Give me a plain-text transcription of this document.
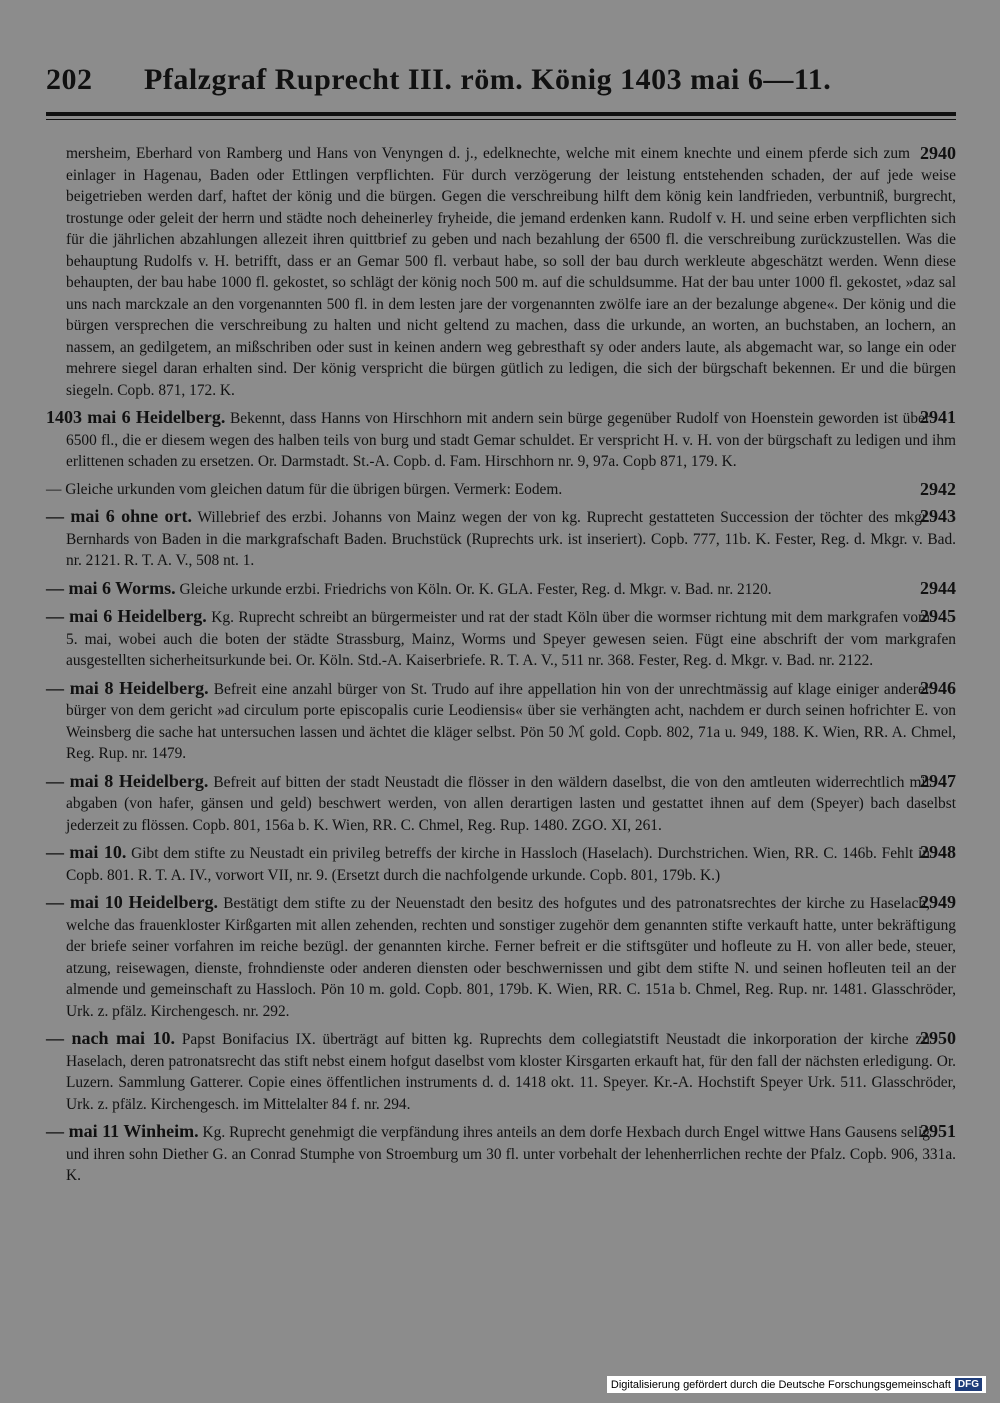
202 Pfalzgraf Ruprecht III. röm. König 1403 mai 6—11.

2940
mersheim, Eberhard von Ramberg und Hans von Venyngen d. j., edelknechte, welche mit einem knechte und einem pferde sich zum einlager in Hagenau, Baden oder Ettlingen verpflichten. Für durch verzögerung der leistung entstehenden schaden, der auf jede weise beigetrieben werden darf, haftet der könig und die bürgen. Gegen die verschreibung hilft dem könig kein landfrieden, verbuntniß, burgrecht, trostunge oder geleit der herrn und städte noch deheinerley fryheide, die jemand erdenken kann. Rudolf v. H. und seine erben verpflichten sich für die jährlichen abzahlungen allezeit ihren quittbrief zu geben und nach bezahlung der 6500 fl. die verschreibung zurückzustellen. Was die behauptung Rudolfs v. H. betrifft, dass er an Gemar 500 fl. verbaut habe, so soll der bau durch werkleute abgeschätzt werden. Wenn diese behaupten, der bau habe 1000 fl. gekostet, so schlägt der könig noch 500 m. auf die schuldsumme. Hat der bau unter 1000 fl. gekostet, »daz sal uns nach marckzale an den vorgenannten 500 fl. in dem lesten jare der vorgenannten zwölfe iare an der bezalunge abgene«. Der könig und die bürgen versprechen die verschreibung zu halten und nicht geltend zu machen, dass die urkunde, an worten, an buchstaben, an lochern, an nassem, an gedilgetem, an mißschriben oder sust in keinen andern weg gebresthaft sy oder anders laute, als abgemacht war, so lange ein oder mehrere siegel daran erhalten sind. Der könig verspricht die bürgen gütlich zu ledigen, die sich der bürgschaft bekennen. Er und die bürgen siegeln. Copb. 871, 172. K.

2941
1403 mai 6 Heidelberg. Bekennt, dass Hanns von Hirschhorn mit andern sein bürge gegenüber Rudolf von Hoenstein geworden ist über 6500 fl., die er diesem wegen des halben teils von burg und stadt Gemar schuldet. Er verspricht H. v. H. von der bürgschaft zu ledigen und ihm erlittenen schaden zu ersetzen. Or. Darmstadt. St.-A. Copb. d. Fam. Hirschhorn nr. 9, 97a. Copb 871, 179. K.

2942
— Gleiche urkunden vom gleichen datum für die übrigen bürgen. Vermerk: Eodem.

2943
— mai 6 ohne ort. Willebrief des erzbi. Johanns von Mainz wegen der von kg. Ruprecht gestatteten Succession der töchter des mkgr. Bernhards von Baden in die markgrafschaft Baden. Bruchstück (Ruprechts urk. ist inseriert). Copb. 777, 11b. K. Fester, Reg. d. Mkgr. v. Bad. nr. 2121. R. T. A. V., 508 nt. 1.

2944
— mai 6 Worms. Gleiche urkunde erzbi. Friedrichs von Köln. Or. K. GLA. Fester, Reg. d. Mkgr. v. Bad. nr. 2120.

2945
— mai 6 Heidelberg. Kg. Ruprecht schreibt an bürgermeister und rat der stadt Köln über die wormser richtung mit dem markgrafen vom 5. mai, wobei auch die boten der städte Strassburg, Mainz, Worms und Speyer gewesen seien. Fügt eine abschrift der vom markgrafen ausgestellten sicherheitsurkunde bei. Or. Köln. Std.-A. Kaiserbriefe. R. T. A. V., 511 nr. 368. Fester, Reg. d. Mkgr. v. Bad. nr. 2122.

2946
— mai 8 Heidelberg. Befreit eine anzahl bürger von St. Trudo auf ihre appellation hin von der unrechtmässig auf klage einiger anderer bürger von dem gericht »ad circulum porte episcopalis curie Leodiensis« über sie verhängten acht, nachdem er durch seinen hofrichter E. von Weinsberg die sache hat untersuchen lassen und ächtet die kläger selbst. Pön 50 ℳ gold. Copb. 802, 71a u. 949, 188. K. Wien, RR. A. Chmel, Reg. Rup. nr. 1479.

2947
— mai 8 Heidelberg. Befreit auf bitten der stadt Neustadt die flösser in den wäldern daselbst, die von den amtleuten widerrechtlich mit abgaben (von hafer, gänsen und geld) beschwert werden, von allen derartigen lasten und gestattet ihnen auf dem (Speyer) bach daselbst jederzeit zu flössen. Copb. 801, 156a b. K. Wien, RR. C. Chmel, Reg. Rup. 1480. ZGO. XI, 261.

2948
— mai 10. Gibt dem stifte zu Neustadt ein privileg betreffs der kirche in Hassloch (Haselach). Durchstrichen. Wien, RR. C. 146b. Fehlt in Copb. 801. R. T. A. IV., vorwort VII, nr. 9. (Ersetzt durch die nachfolgende urkunde. Copb. 801, 179b. K.)

2949
— mai 10 Heidelberg. Bestätigt dem stifte zu der Neuenstadt den besitz des hofgutes und des patronatsrechtes der kirche zu Haselach, welche das frauenkloster Kirßgarten mit allen zehenden, rechten und sonstiger zugehör dem genannten stifte verkauft hatte, unter bekräftigung der briefe seiner vorfahren im reiche bezügl. der genannten kirche. Ferner befreit er die stiftsgüter und hofleute zu H. von aller bede, steuer, atzung, reisewagen, dienste, frohndienste oder anderen diensten oder beschwernissen und gibt dem stifte N. und seinen hofleuten teil an der almende und gemeinschaft zu Hassloch. Pön 10 m. gold. Copb. 801, 179b. K. Wien, RR. C. 151a b. Chmel, Reg. Rup. nr. 1481. Glasschröder, Urk. z. pfälz. Kirchengesch. nr. 292.

2950
— nach mai 10. Papst Bonifacius IX. überträgt auf bitten kg. Ruprechts dem collegiatstift Neustadt die inkorporation der kirche zu Haselach, deren patronatsrecht das stift nebst einem hofgut daselbst vom kloster Kirsgarten erkauft hat, für den fall der nächsten erledigung. Or. Luzern. Sammlung Gatterer. Copie eines öffentlichen instruments d. d. 1418 okt. 11. Speyer. Kr.-A. Hochstift Speyer Urk. 511. Glasschröder, Urk. z. pfälz. Kirchengesch. im Mittelalter 84 f. nr. 294.

2951
— mai 11 Winheim. Kg. Ruprecht genehmigt die verpfändung ihres anteils an dem dorfe Hexbach durch Engel wittwe Hans Gausens selig und ihren sohn Diether G. an Conrad Stumphe von Stroemburg um 30 fl. unter vorbehalt der lehenherrlichen rechte der Pfalz. Copb. 906, 331a. K.

Digitalisierung gefördert durch die Deutsche Forschungsgemeinschaft DFG
